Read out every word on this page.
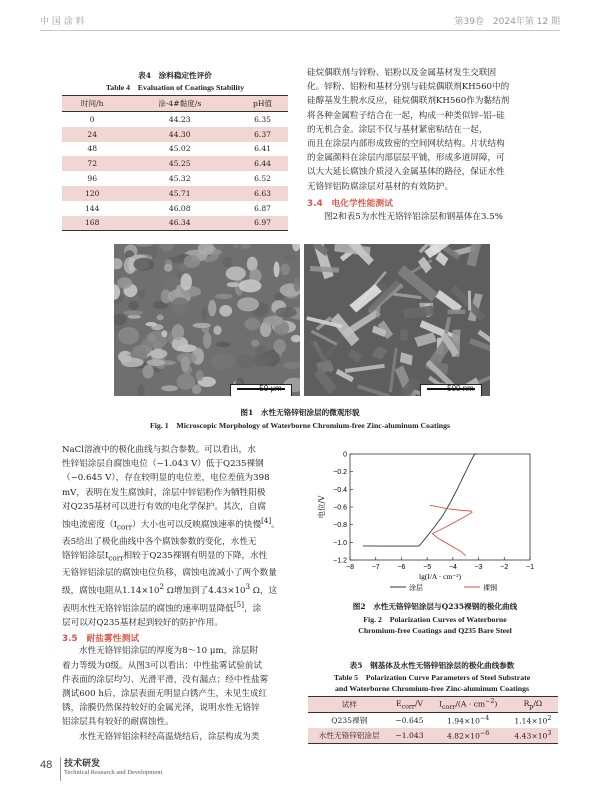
中 国 涂 料	第39卷　2024年第 12 期
表4　涂料稳定性评价
Table 4　Evaluation of Coatings Stability
时间/h	涂-4#黏度/s	pH值
0	44.23	6.35
24	44.30	6.37
48	45.02	6.41
72	45.25	6.44
96	45.32	6.52
120	45.71	6.63
144	46.08	6.87
168	46.34	6.97
硅烷偶联剂与锌粉、铝粉以及金属基材发生交联固
化。锌粉、铝粉和基材分别与硅烷偶联剂KH560中的
硅醇基发生脱水反应，硅烷偶联剂KH560作为黏结剂
将各种金属粒子结合在一起，构成一种类似锌–铝–硅
的无机合金。涂层不仅与基材紧密粘结在一起，
而且在涂层内部形成致密的空间网状结构。片状结构
的金属颜料在涂层内部层层平铺，形成多道屏障，可
以大大延长腐蚀介质浸入金属基体的路径，保证水性
无铬锌铝防腐涂层对基材的有效防护。
3.4　电化学性能测试
图2和表5为水性无铬锌铝涂层和钢基体在3.5%
50 μm	500 nm
图1　水性无铬锌铝涂层的微观形貌
Fig. 1　Microscopic Morphology of Waterborne Chromium-free Zinc-aluminum Coatings
NaCl溶液中的极化曲线与拟合参数。可以看出，水
性锌铝涂层自腐蚀电位（−1.043 V）低于Q235裸钢
（−0.645 V），存在较明显的电位差，电位差值为398
mV，表明在发生腐蚀时，涂层中锌铝粉作为牺牲阳极
对Q235基材可以进行有效的电化学保护。其次，自腐
蚀电流密度$(I_{corr})$大小也可以反映腐蚀速率的快慢[4]。
表5给出了极化曲线中各个腐蚀参数的变化，水性无
铬锌铝涂层$I_{corr}$相较于Q235裸钢有明显的下降，水性
无铬锌铝涂层的腐蚀电位负移，腐蚀电流减小了两个数量
级，腐蚀电阻从$1.14\times 10^2$ Ω增加到了$4.43\times 10^3$ Ω，这
表明水性无铬锌铝涂层的腐蚀的速率明显降低[5]，涂
层可以对Q235基材起到较好的防护作用。
3.5　耐盐雾性测试
水性无铬锌铝涂层的厚度为8～10 μm，涂层附
着力等级为0级。从图3可以看出：中性盐雾试验前试
件表面的涂层均匀、光滑平滑，没有漏点；经中性盐雾
测试600 h后，涂层表面无明显白锈产生，未见生成红
锈，涂膜仍然保持较好的金属光泽，说明水性无铬锌
铝涂层具有较好的耐腐蚀性。
水性无铬锌铝涂料经高温烧结后，涂层构成为类
−8	−7	−6	−5	−4	−3	−2	−1
0
−0.2
−0.4
−0.6
−0.8
−1.0
−1.2
lg(I/A · cm⁻²)
电位/V
涂层	裸钢
图2　水性无铬锌铝涂层与Q235裸钢的极化曲线
Fig. 2　Polarization Curves of Waterborne
Chromium-free Coatings and Q235 Bare Steel
表5　钢基体及水性无铬锌铝涂层的极化曲线参数
Table 5　Polarization Curve Parameters of Steel Substrate
and Waterborne Chromium-free Zinc-aluminum Coatings
试样	$E_{corr}/V$	$I_{corr}/(A \cdot cm^{-2})$	$R_p/\Omega$
Q235裸钢	−0.645	$1.94\times 10^{-4}$	$1.14\times 10^2$
水性无铬锌铝涂层	−1.043	$4.82\times 10^{-6}$	$4.43\times 10^3$
48 技术研发
Technical Research and Development
